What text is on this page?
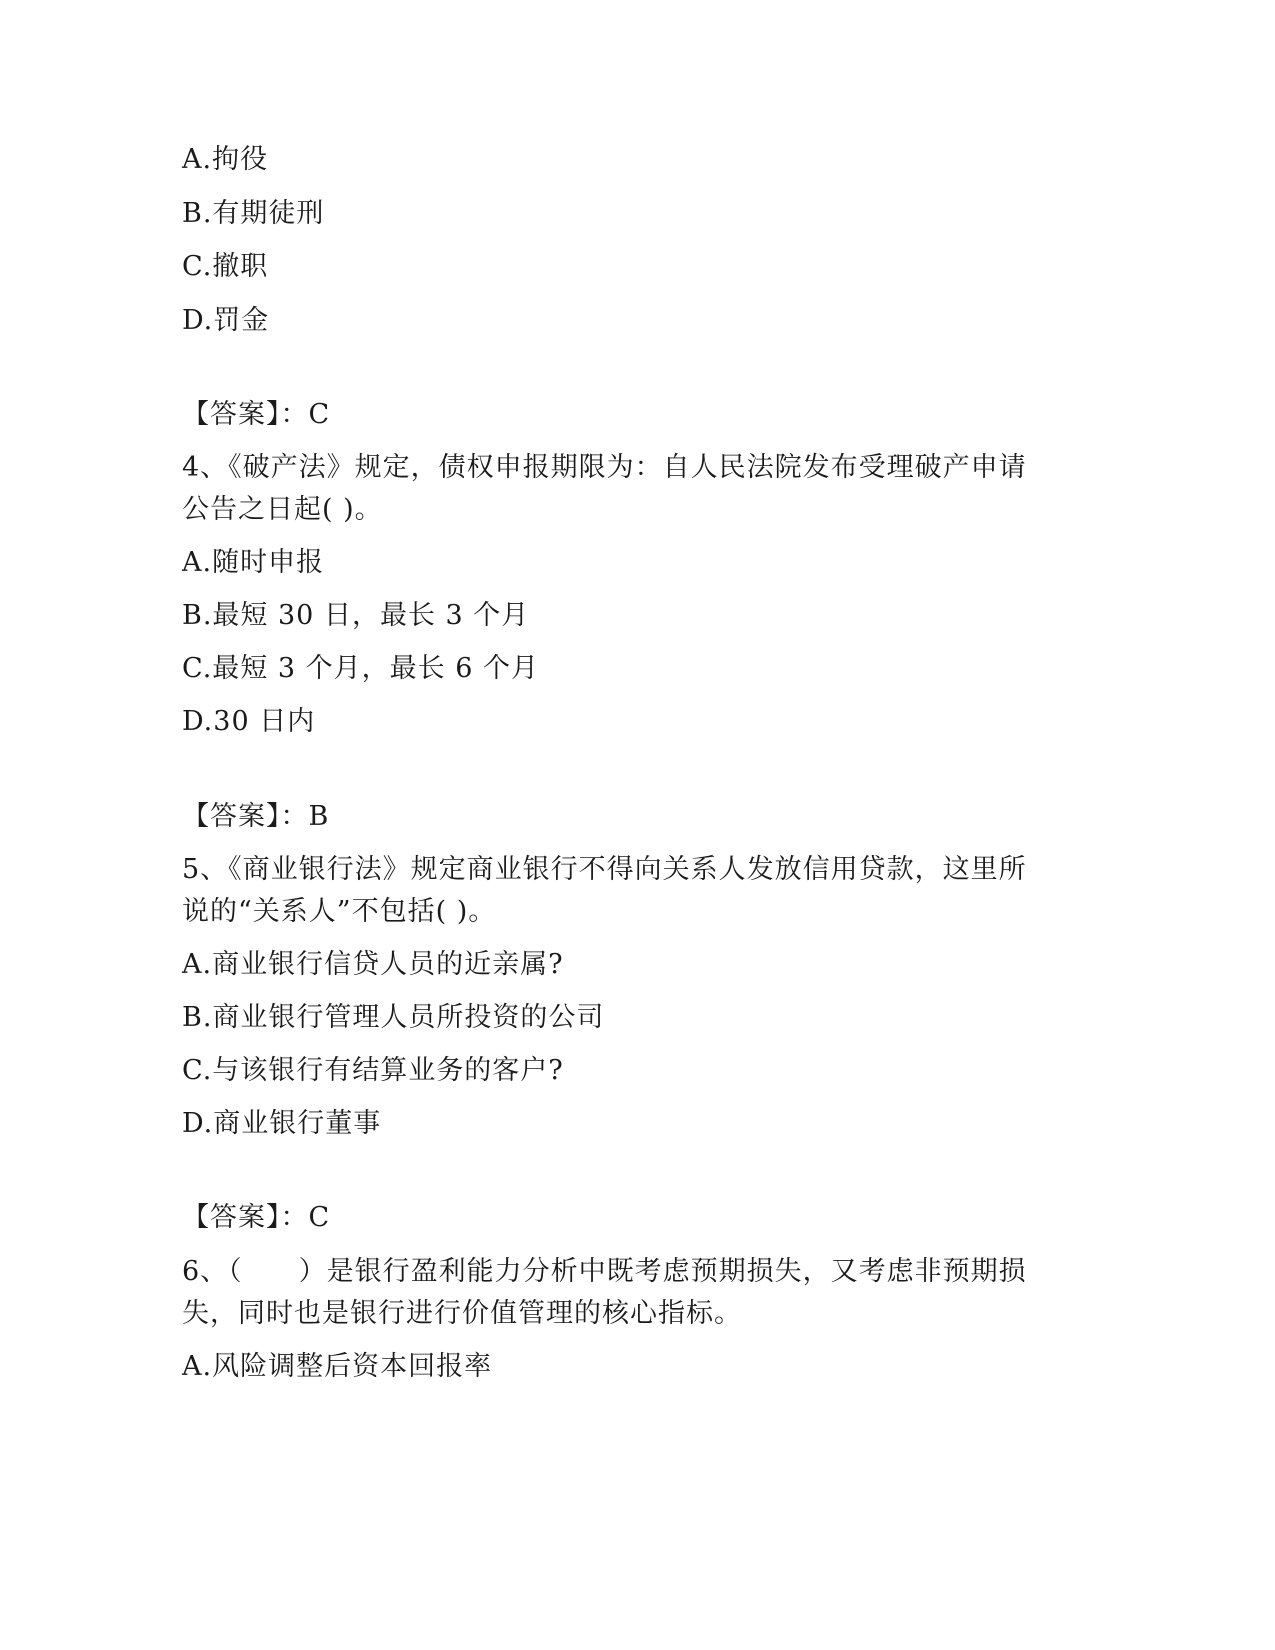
A.拘役
B.有期徒刑
C.撤职
D.罚金
【答案】：C
4、《破产法》规定，债权申报期限为：自人民法院发布受理破产申请
公告之日起( )。
A.随时申报
B.最短 30 日，最长 3 个月
C.最短 3 个月，最长 6 个月
D.30 日内
【答案】：B
5、《商业银行法》规定商业银行不得向关系人发放信用贷款，这里所
说的“关系人”不包括( )。
A.商业银行信贷人员的近亲属?
B.商业银行管理人员所投资的公司
C.与该银行有结算业务的客户?
D.商业银行董事
【答案】：C
6、（　　）是银行盈利能力分析中既考虑预期损失，又考虑非预期损
失，同时也是银行进行价值管理的核心指标。
A.风险调整后资本回报率
